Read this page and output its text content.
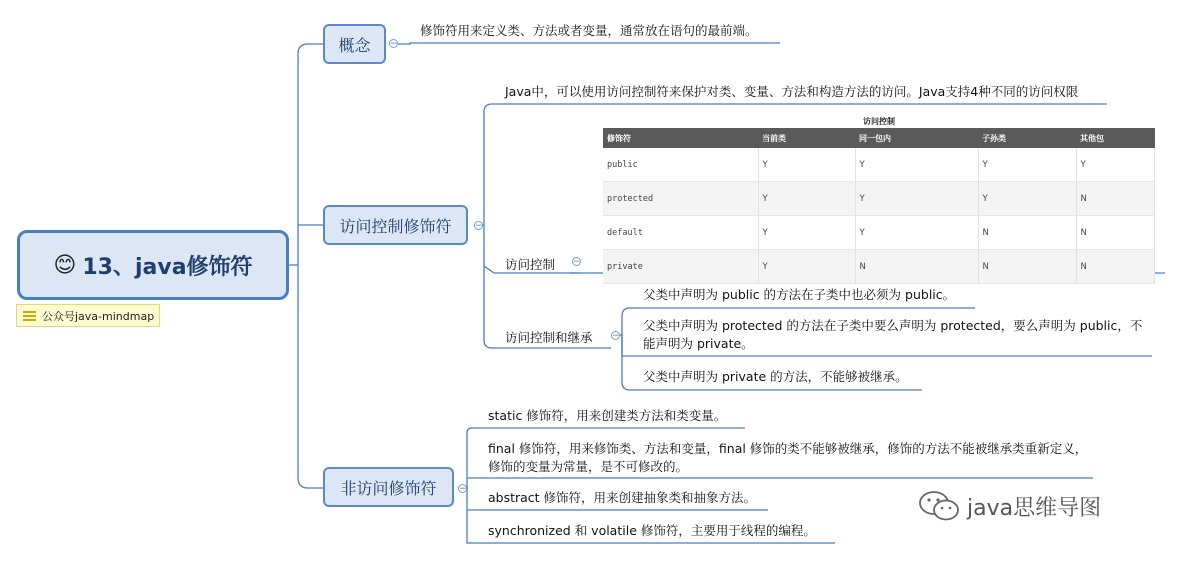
😊 13、java修饰符
公众号java-mindmap
概念 −
访问控制修饰符	−
非访问修饰符	−
修饰符用来定义类、方法或者变量，通常放在语句的最前端。
Java中，可以使用访问控制符来保护对类、变量、方法和构造方法的访问。Java支持4种不同的访问权限
访问控制 −
访问控制
修饰符	当前类	同一包内	子孙类	其他包
public	Y	Y	Y	Y
protected	Y	Y	Y	N
default	Y	Y	N	N
private	Y	N	N	N
访问控制和继承 −
父类中声明为 public 的方法在子类中也必须为 public。
父类中声明为 protected 的方法在子类中要么声明为 protected，要么声明为 public，不能声明为 private。
父类中声明为 private 的方法，不能够被继承。
static 修饰符，用来创建类方法和类变量。
final 修饰符，用来修饰类、方法和变量，final 修饰的类不能够被继承，修饰的方法不能被继承类重新定义，修饰的变量为常量，是不可修改的。
abstract 修饰符，用来创建抽象类和抽象方法。
synchronized 和 volatile 修饰符，主要用于线程的编程。
java思维导图
